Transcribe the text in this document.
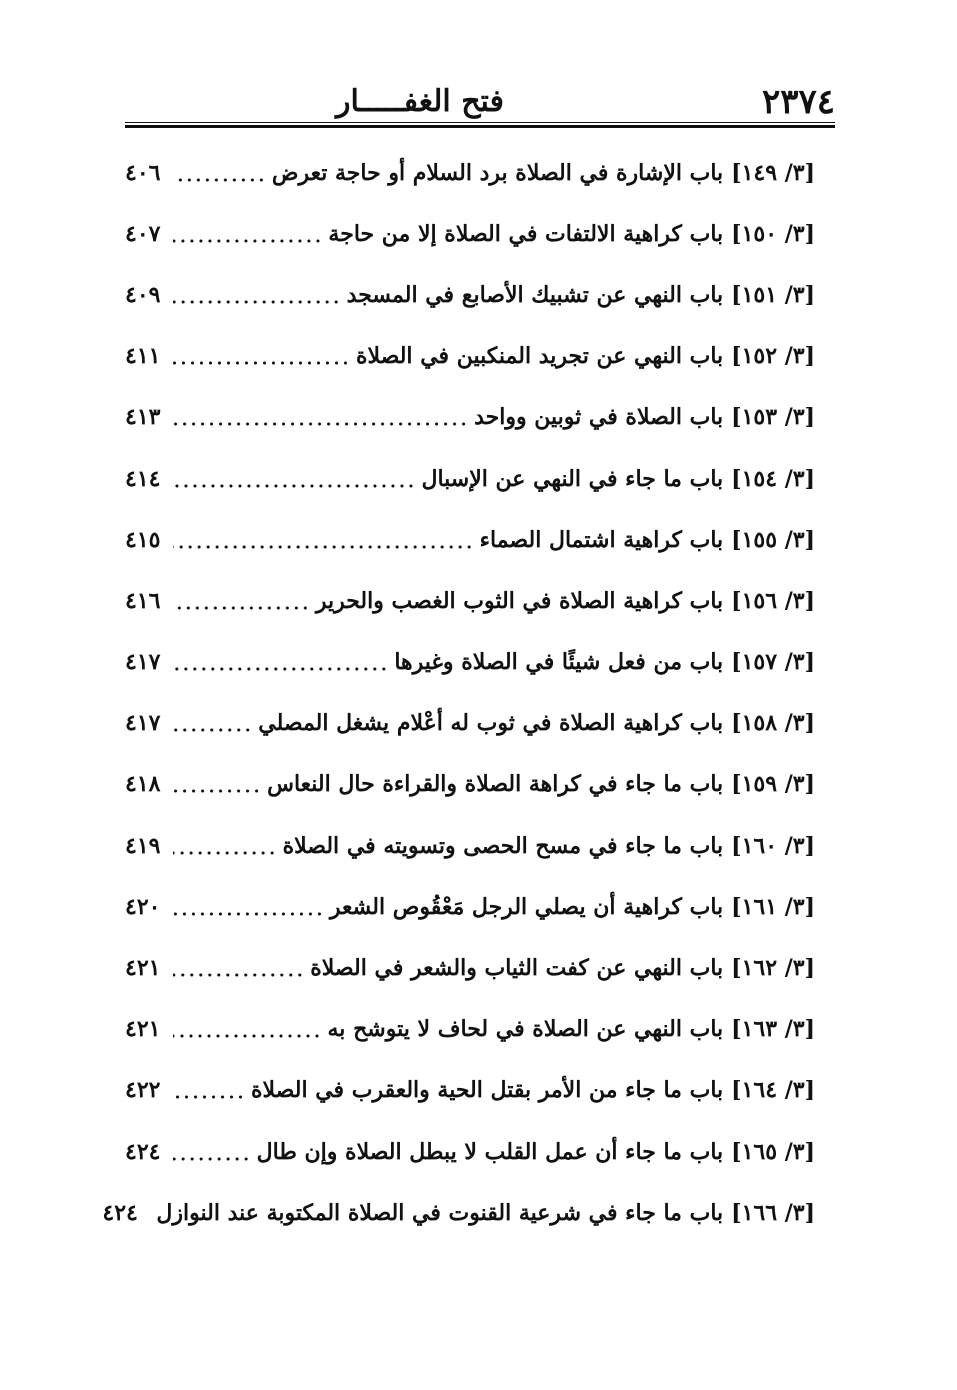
٢٣٧٤
فتح الغفـــــار
[٣/ ١٤٩]
باب الإشارة في الصلاة برد السلام أو حاجة تعرض
٤٠٦
[٣/ ١٥٠]
باب كراهية الالتفات في الصلاة إلا من حاجة
٤٠٧
[٣/ ١٥١]
باب النهي عن تشبيك الأصابع في المسجد
٤٠٩
[٣/ ١٥٢]
باب النهي عن تجريد المنكبين في الصلاة
٤١١
[٣/ ١٥٣]
باب الصلاة في ثوبين وواحد
٤١٣
[٣/ ١٥٤]
باب ما جاء في النهي عن الإسبال
٤١٤
[٣/ ١٥٥]
باب كراهية اشتمال الصماء
٤١٥
[٣/ ١٥٦]
باب كراهية الصلاة في الثوب الغصب والحرير
٤١٦
[٣/ ١٥٧]
باب من فعل شيئًا في الصلاة وغيرها
٤١٧
[٣/ ١٥٨]
باب كراهية الصلاة في ثوب له أعْلام يشغل المصلي
٤١٧
[٣/ ١٥٩]
باب ما جاء في كراهة الصلاة والقراءة حال النعاس
٤١٨
[٣/ ١٦٠]
باب ما جاء في مسح الحصى وتسويته في الصلاة
٤١٩
[٣/ ١٦١]
باب كراهية أن يصلي الرجل مَعْقُوص الشعر
٤٢٠
[٣/ ١٦٢]
باب النهي عن كفت الثياب والشعر في الصلاة
٤٢١
[٣/ ١٦٣]
باب النهي عن الصلاة في لحاف لا يتوشح به
٤٢١
[٣/ ١٦٤]
باب ما جاء من الأمر بقتل الحية والعقرب في الصلاة
٤٢٢
[٣/ ١٦٥]
باب ما جاء أن عمل القلب لا يبطل الصلاة وإن طال
٤٢٤
[٣/ ١٦٦]
باب ما جاء في شرعية القنوت في الصلاة المكتوبة عند النوازل
٤٢٤
